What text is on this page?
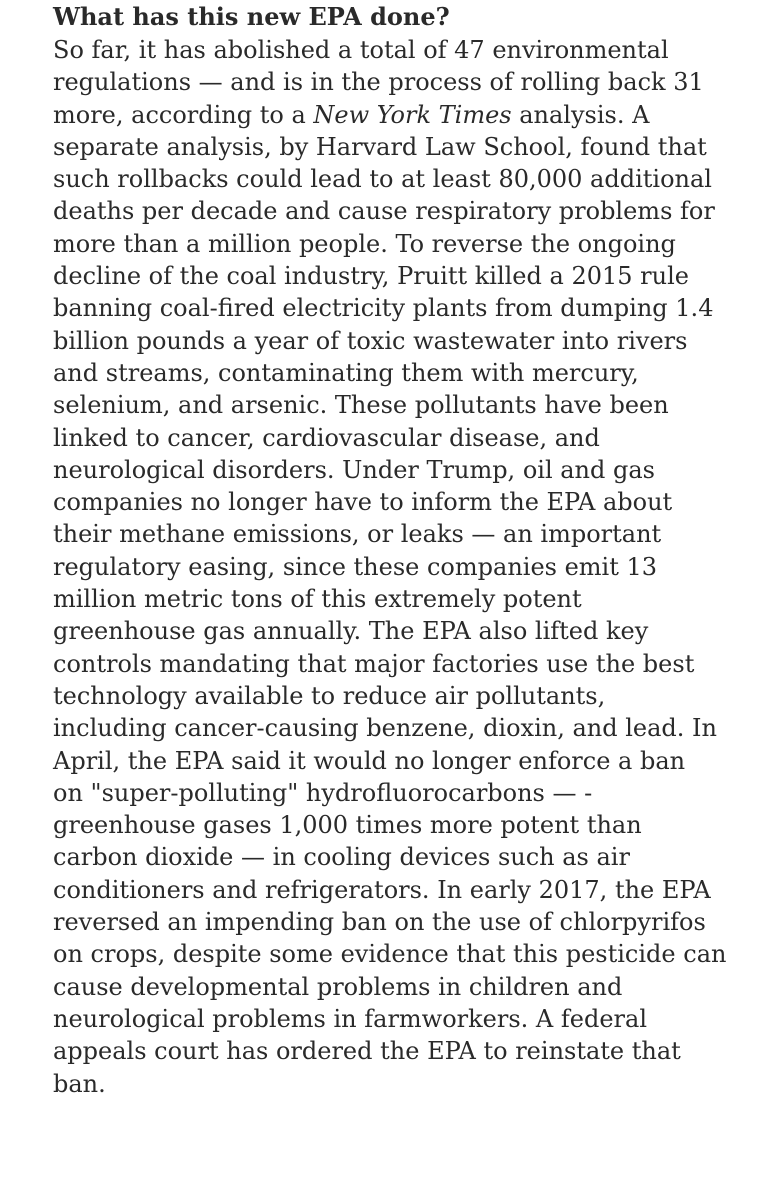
What has this new EPA done?

So far, it has abolished a total of 47 environmental
regulations — and is in the process of rolling back 31
more, according to a New York Times analysis. A
separate analysis, by Harvard Law School, found that
such rollbacks could lead to at least 80,000 additional
deaths per decade and cause respiratory problems for
more than a million people. To reverse the ongoing
decline of the coal industry, Pruitt killed a 2015 rule
banning coal-fired electricity plants from dumping 1.4
billion pounds a year of toxic wastewater into rivers
and streams, contaminating them with mercury,
selenium, and arsenic. These pollutants have been
linked to cancer, cardiovascular disease, and
neurological disorders. Under Trump, oil and gas
companies no longer have to inform the EPA about
their methane emissions, or leaks — an important
regulatory easing, since these companies emit 13
million metric tons of this extremely potent
greenhouse gas annually. The EPA also lifted key
controls mandating that major factories use the best
technology available to reduce air pollutants,
including cancer-causing benzene, dioxin, and lead. In
April, the EPA said it would no longer enforce a ban
on "super-polluting" hydrofluorocarbons — -
greenhouse gases 1,000 times more potent than
carbon dioxide — in cooling devices such as air
conditioners and refrigerators. In early 2017, the EPA
reversed an impending ban on the use of chlorpyrifos
on crops, despite some evidence that this pesticide can
cause developmental problems in children and
neurological problems in farmworkers. A federal
appeals court has ordered the EPA to reinstate that
ban.
